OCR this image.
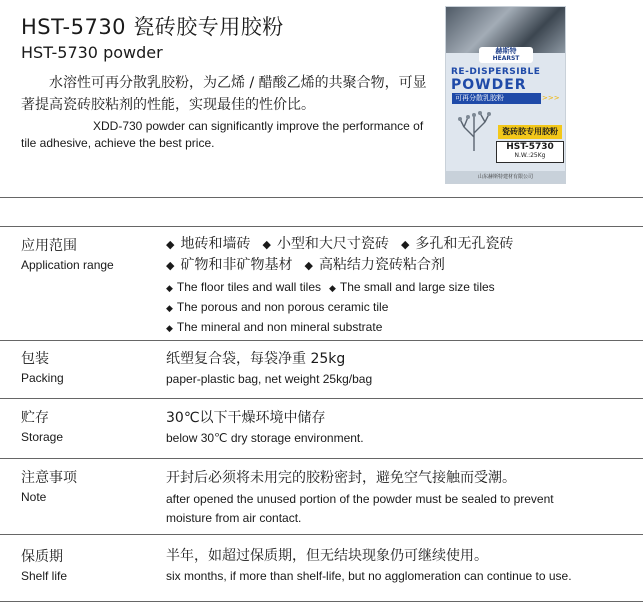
HST-5730 瓷砖胶专用胶粉
HST-5730 powder
水溶性可再分散乳胶粉，为乙烯 / 醋酸乙烯的共聚合物，可显著提高瓷砖胶粘剂的性能，实现最佳的性价比。
XDD-730 powder can significantly improve the performance of tile adhesive, achieve the best price.
赫斯特
HEARST
RE-DISPERSIBLE
POWDER
可再分散乳胶粉	>>>
瓷砖胶专用胶粉
HST-5730
N.W.:25Kg
山东赫斯特建材有限公司
应用范围
Application range
◆ 地砖和墙砖 ◆ 小型和大尺寸瓷砖 ◆ 多孔和无孔瓷砖◆ 矿物和非矿物基材 ◆ 高粘结力瓷砖粘合剂
◆ The floor tiles and wall tiles ◆ The small and large size tiles
◆ The porous and non porous ceramic tile
◆ The mineral and non mineral substrate
包装
Packing
纸塑复合袋，每袋净重 25kg
paper-plastic bag, net weight 25kg/bag
贮存
Storage
30℃以下干燥环境中储存
below 30℃ dry storage environment.
注意事项
Note
开封后必须将未用完的胶粉密封，避免空气接触而受潮。
after opened the unused portion of the powder must be sealed to prevent moisture from air contact.
保质期
Shelf life
半年，如超过保质期，但无结块现象仍可继续使用。
six months, if more than shelf-life, but no agglomeration can continue to use.
